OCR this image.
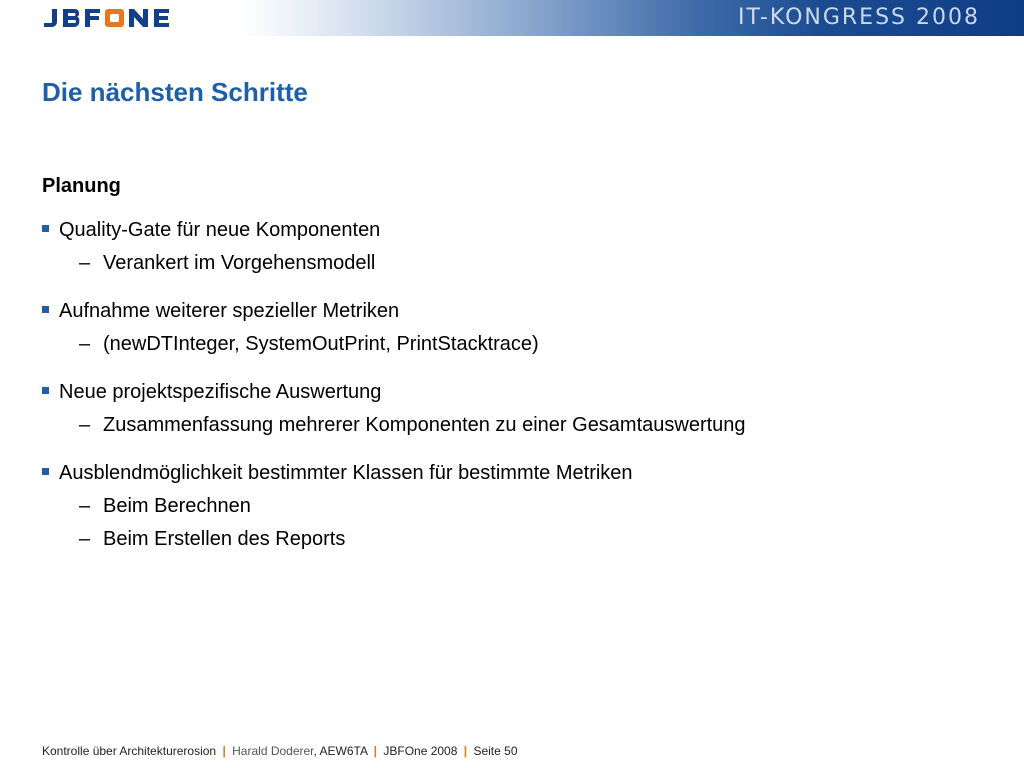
IT-KONGRESS 2008
Die nächsten Schritte
Planung
Quality-Gate für neue Komponenten
– Verankert im Vorgehensmodell
Aufnahme weiterer spezieller Metriken
– (newDTInteger, SystemOutPrint, PrintStacktrace)
Neue projektspezifische Auswertung
– Zusammenfassung mehrerer Komponenten zu einer Gesamtauswertung
Ausblendmöglichkeit bestimmter Klassen für bestimmte Metriken
– Beim Berechnen
– Beim Erstellen des Reports
Kontrolle über Architekturerosion | Harald Doderer, AEW6TA | JBFOne 2008 | Seite 50
